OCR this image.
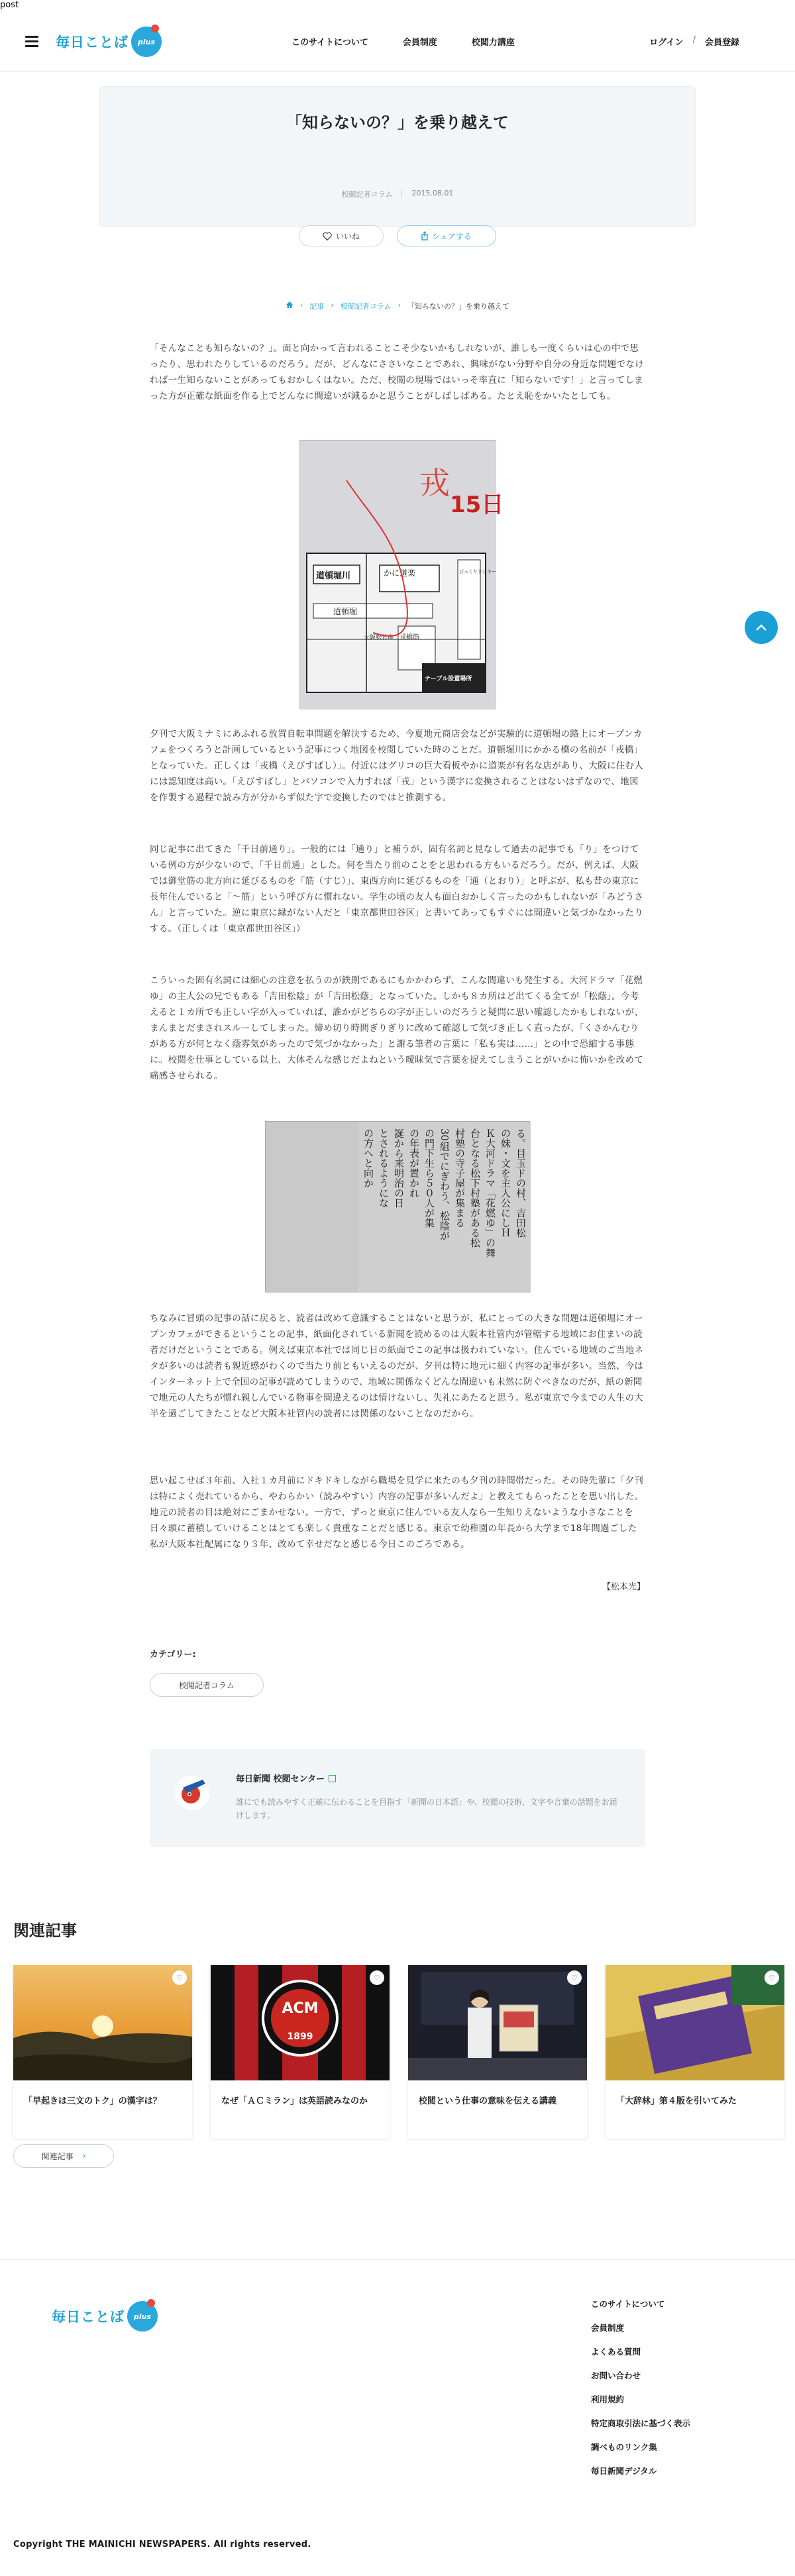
post
毎日ことば	plus	このサイトについて	会員制度	校閲力講座	ログイン / 会員登録
「知らないの？」を乗り越えて
校閲記者コラム	2015.08.01
いいね	シェアする
› 記事 › 校閲記者コラム › 「知らないの？」を乗り越えて

「そんなことも知らないの？」。面と向かって言われることこそ少ないかもしれないが、誰しも一度くらいは心の中で思ったり、思われたりしているのだろう。だが、どんなにささいなことであれ、興味がない分野や自分の身近な問題でなければ一生知らないことがあってもおかしくはない。ただ、校閲の現場ではいっそ率直に「知らないです！」と言ってしまった方が正確な紙面を作る上でどんなに間違いが減るかと思うことがしばしばある。たとえ恥をかいたとしても。

道頓堀川	かに道楽
道頓堀
戎橋筋
大阪松竹座
びっくりドンキー
テーブル設置場所
戎
15日

夕刊で大阪ミナミにあふれる放置自転車問題を解決するため、今夏地元商店会などが実験的に道頓堀の路上にオープンカフェをつくろうと計画しているという記事につく地図を校閲していた時のことだ。道頓堀川にかかる橋の名前が「戎橋」となっていた。正しくは「戎橋（えびすばし）」。付近にはグリコの巨大看板やかに道楽が有名な店があり、大阪に住む人には認知度は高い。「えびすばし」とパソコンで入力すれば「戎」という漢字に変換されることはないはずなので、地図を作製する過程で読み方が分からず似た字で変換したのではと推測する。

同じ記事に出てきた「千日前通り」。一般的には「通り」と補うが、固有名詞と見なして過去の記事でも「り」をつけている例の方が少ないので、「千日前通」とした。何を当たり前のことをと思われる方もいるだろう。だが、例えば、大阪では御堂筋の北方向に延びるものを「筋（すじ）」、東西方向に延びるものを「通（とおり）」と呼ぶが、私も昔の東京に長年住んでいると「〜筋」という呼び方に慣れない。学生の頃の友人も面白おかしく言ったのかもしれないが「みどうさん」と言っていた。逆に東京に縁がない人だと「東京都世田谷区」と書いてあってもすぐには間違いと気づかなかったりする。（正しくは「東京都世田谷区」）

こういった固有名詞には細心の注意を払うのが鉄則であるにもかかわらず、こんな間違いも発生する。大河ドラマ「花燃ゆ」の主人公の兄でもある「吉田松陰」が「吉田松蔭」となっていた。しかも８カ所はど出てくる全てが「松蔭」。今考えると１カ所でも正しい字が入っていれば、誰かがどちらの字が正しいのだろうと疑問に思い確認したかもしれないが、まんまとだまされスルーしてしまった。締め切り時間ぎりぎりに改めて確認して気づき正しく直ったが、「くさかんむりがある方が何となく蔭雰気があったので気づかなかった」と謝る筆者の言葉に「私も実は……」との中で恐縮する事態に。校閲を仕事としている以上、大体そんな感じだよねという曖昧気で言葉を捉えてしまうことがいかに怖いかを改めて痛感させられる。

る。目玉ドの村、吉田松
の妹・文を主人公にしＨ
Ｋ大河ドラマ「花燃ゆ」の舞
台となる松下村塾がある松
村塾の寺子屋が集まる
30組でにぎわう、松陰が
の門下生ら５０人が集
の年表が置かれ
誕から来明治の日
とされるようにな
の方へと向か

ちなみに冒頭の記事の話に戻ると、読者は改めて意識することはないと思うが、私にとっての大きな問題は道頓堀にオープンカフェができるということの記事、紙面化されている新聞を読めるのは大阪本社管内が管轄する地域にお住まいの読者だけだということである。例えば東京本社では同じ日の紙面でこの記事は扱われていない。住んでいる地域のご当地ネタが多いのは読者も親近感がわくので当たり前ともいえるのだが、夕刊は特に地元に細く内容の記事が多い。当然、今はインターネット上で全国の記事が読めてしまうので、地域に関係なくどんな間違いも未然に防ぐべきなのだが、紙の新聞で地元の人たちが慣れ親しんでいる物事を間違えるのは情けないし、失礼にあたると思う。私が東京で今までの人生の大半を過ごしてきたことなど大阪本社管内の読者には関係のないことなのだから。

思い起こせば３年前、入社１カ月前にドキドキしながら職場を見学に来たのも夕刊の時間帯だった。その時先輩に「夕刊は特によく売れているから、やわらかい（読みやすい）内容の記事が多いんだよ」と教えてもらったことを思い出した。地元の読者の目は絶対にごまかせない。一方で、ずっと東京に住んでいる友人なら一生知りえないような小さなことを日々頭に蓄積していけることはとても楽しく貴重なことだと感じる。東京で幼稚園の年長から大学まで18年間過ごした私が大阪本社配属になり３年、改めて幸せだなと感じる今日このごろである。

【松本光】
カテゴリー:
校閲記者コラム
毎日新聞 校閲センター
誰にでも読みやすく正確に伝わることを目指す「新聞の日本語」や、校閲の技術、文字や言葉の話題をお届けします。
関連記事
♡
「早起きは三文のトク」の漢字は？
ACM
1899
♡
なぜ「ＡＣミラン」は英語読みなのか
♡
校閲という仕事の意味を伝える講義
♡
「大辞林」第４版を引いてみた
関連記事 ›
毎日ことば	plus
このサイトについて
会員制度
よくある質問
お問い合わせ
利用規約
特定商取引法に基づく表示
調べものリンク集
毎日新聞デジタル
Copyright THE MAINICHI NEWSPAPERS. All rights reserved.
